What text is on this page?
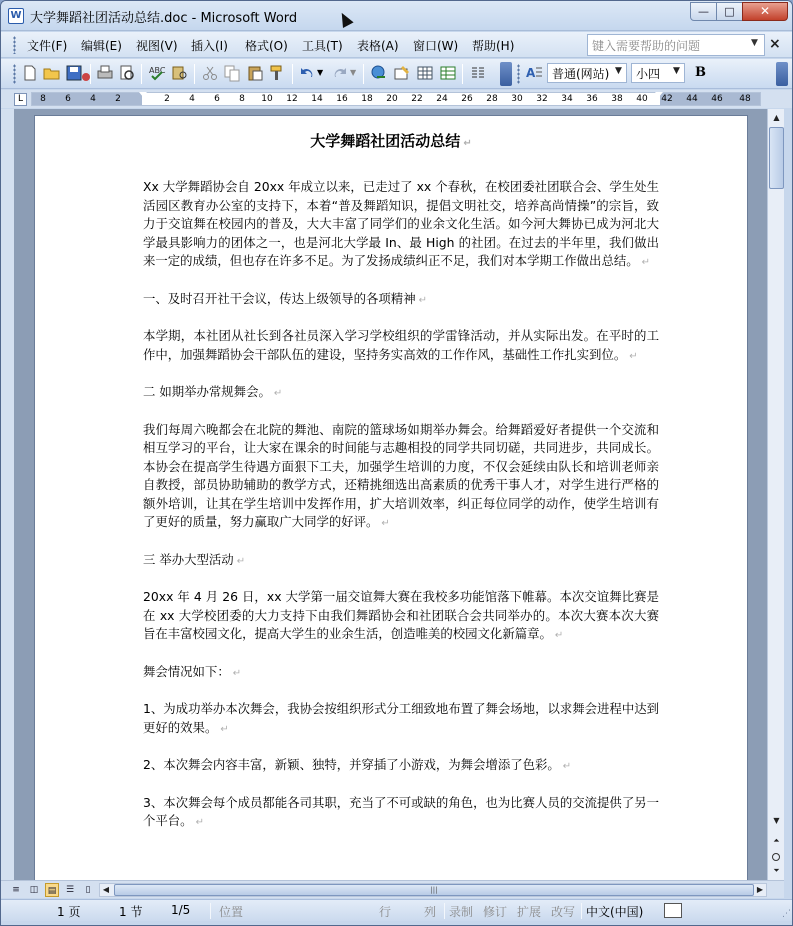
W 大学舞蹈社团活动总结.doc - Microsoft Word	—	□	✕
文件(F) 编辑(E) 视图(V) 插入(I) 格式(O) 工具(T) 表格(A) 窗口(W) 帮助(H)	键入需要帮助的问题	▼ ×
ABC	▼	▼	A	普通(网站) ▼	小四	▼ B
L	8 6 4 2	2 4 6 8 10 12 14 16 18 20 22 24 26 28 30 32 34 36 38 40 42 44 46 48
大学舞蹈社团活动总结 ↵

Xx 大学舞蹈协会自 20xx 年成立以来，已走过了 xx 个春秋，在校团委社团联合会、学生处生活园区教育办公室的支持下，本着“普及舞蹈知识，提倡文明社交，培养高尚情操”的宗旨，致力于交谊舞在校园内的普及，大大丰富了同学们的业余文化生活。如今河大舞协已成为河北大学最具影响力的团体之一，也是河北大学最 In、最 High 的社团。在过去的半年里，我们做出来一定的成绩，但也存在许多不足。为了发扬成绩纠正不足，我们对本学期工作做出总结。 ↵

一、及时召开社干会议，传达上级领导的各项精神 ↵

本学期，本社团从社长到各社员深入学习学校组织的学雷锋活动，并从实际出发。在平时的工作中，加强舞蹈协会干部队伍的建设，坚持务实高效的工作作风，基础性工作扎实到位。 ↵

二 如期举办常规舞会。 ↵

我们每周六晚都会在北院的舞池、南院的篮球场如期举办舞会。给舞蹈爱好者提供一个交流和相互学习的平台，让大家在课余的时间能与志趣相投的同学共同切磋，共同进步，共同成长。本协会在提高学生待遇方面狠下工夫，加强学生培训的力度，不仅会延续由队长和培训老师亲自教授，部员协助辅助的教学方式，还精挑细选出高素质的优秀干事人才，对学生进行严格的额外培训，让其在学生培训中发挥作用，扩大培训效率，纠正每位同学的动作，使学生培训有了更好的质量，努力赢取广大同学的好评。 ↵

三 举办大型活动 ↵

20xx 年 4 月 26 日，xx 大学第一届交谊舞大赛在我校多功能馆落下帷幕。本次交谊舞比赛是在 xx 大学校团委的大力支持下由我们舞蹈协会和社团联合会共同举办的。本次大赛本次大赛旨在丰富校园文化，提高大学生的业余生活，创造唯美的校园文化新篇章。 ↵

舞会情况如下： ↵

1、为成功举办本次舞会，我协会按组织形式分工细致地布置了舞会场地，以求舞会进程中达到更好的效果。 ↵

2、本次舞会内容丰富，新颖、独特，并穿插了小游戏，为舞会增添了色彩。 ↵

3、本次舞会每个成员都能各司其职，充当了不可或缺的角色，也为比赛人员的交流提供了另一个平台。 ↵

▲
▼
⏶
⏷
≡	◫	▤	☰	▯	◀	|||	▶
1 页	1 节 1/5 位置	行	列 录制 修订 扩展 改写 中文(中国)	⋰
